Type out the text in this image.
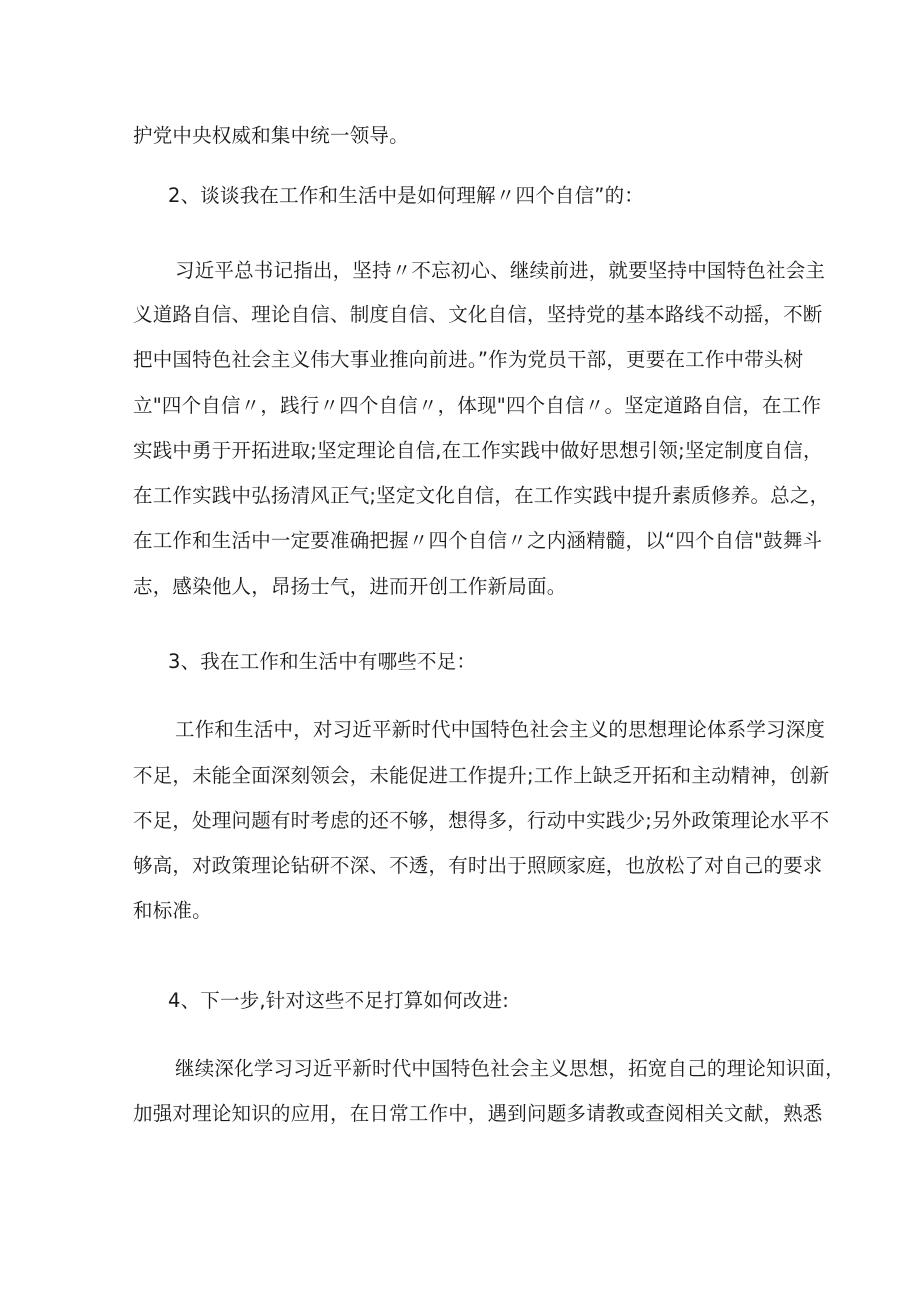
护党中央权威和集中统一领导。
2、谈谈我在工作和生活中是如何理解〃四个自信”的：
习近平总书记指出，坚持〃不忘初心、继续前进，就要坚持中国特色社会主
义道路自信、理论自信、制度自信、文化自信，坚持党的基本路线不动摇，不断
把中国特色社会主义伟大事业推向前进。”作为党员干部，更要在工作中带头树
立"四个自信〃，践行〃四个自信〃，体现"四个自信〃。坚定道路自信，在工作
实践中勇于开拓进取;坚定理论自信,在工作实践中做好思想引领;坚定制度自信，
在工作实践中弘扬清风正气;坚定文化自信，在工作实践中提升素质修养。总之，
在工作和生活中一定要准确把握〃四个自信〃之内涵精髓，以“四个自信"鼓舞斗
志，感染他人，昂扬士气，进而开创工作新局面。
3、我在工作和生活中有哪些不足：
工作和生活中，对习近平新时代中国特色社会主义的思想理论体系学习深度
不足，未能全面深刻领会，未能促进工作提升;工作上缺乏开拓和主动精神，创新
不足，处理问题有时考虑的还不够，想得多，行动中实践少;另外政策理论水平不
够高，对政策理论钻研不深、不透，有时出于照顾家庭，也放松了对自己的要求
和标准。
4、下一步,针对这些不足打算如何改进:
继续深化学习习近平新时代中国特色社会主义思想，拓宽自己的理论知识面，
加强对理论知识的应用，在日常工作中，遇到问题多请教或查阅相关文献，熟悉
